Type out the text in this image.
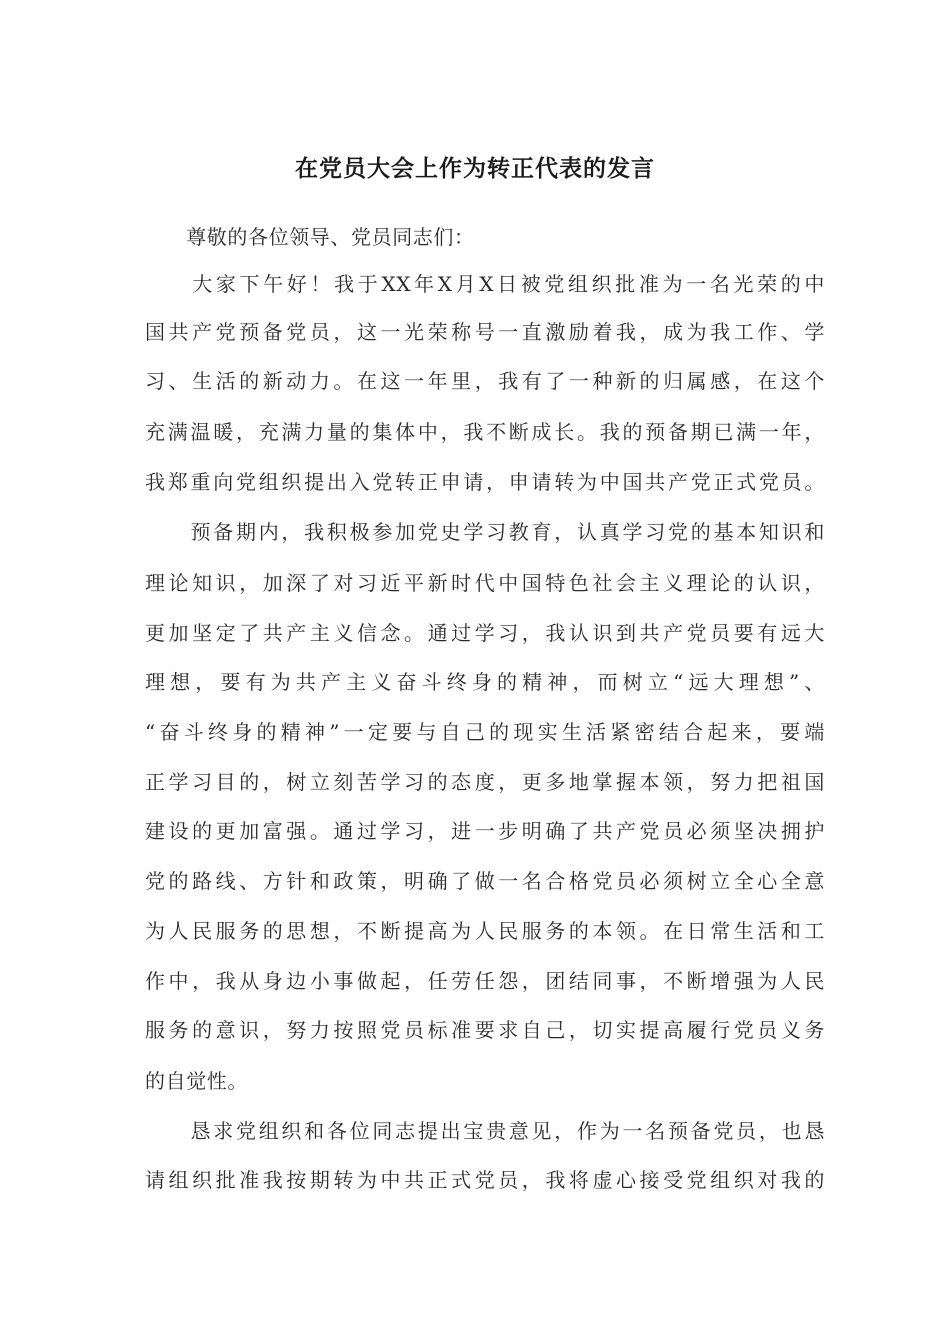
在党员大会上作为转正代表的发言
　　尊敬的各位领导、党员同志们：
　　大家下午好！我于XX年X月X日被党组织批准为一名光荣的中
国共产党预备党员，这一光荣称号一直激励着我，成为我工作、学
习、生活的新动力。在这一年里，我有了一种新的归属感，在这个
充满温暖，充满力量的集体中，我不断成长。我的预备期已满一年，
我郑重向党组织提出入党转正申请，申请转为中国共产党正式党员。
　　预备期内，我积极参加党史学习教育，认真学习党的基本知识和
理论知识，加深了对习近平新时代中国特色社会主义理论的认识，
更加坚定了共产主义信念。通过学习，我认识到共产党员要有远大
理想，要有为共产主义奋斗终身的精神，而树立“远大理想”、
“奋斗终身的精神”一定要与自己的现实生活紧密结合起来，要端
正学习目的，树立刻苦学习的态度，更多地掌握本领，努力把祖国
建设的更加富强。通过学习，进一步明确了共产党员必须坚决拥护
党的路线、方针和政策，明确了做一名合格党员必须树立全心全意
为人民服务的思想，不断提高为人民服务的本领。在日常生活和工
作中，我从身边小事做起，任劳任怨，团结同事，不断增强为人民
服务的意识，努力按照党员标准要求自己，切实提高履行党员义务
的自觉性。
　　恳求党组织和各位同志提出宝贵意见，作为一名预备党员，也恳
请组织批准我按期转为中共正式党员，我将虚心接受党组织对我的
